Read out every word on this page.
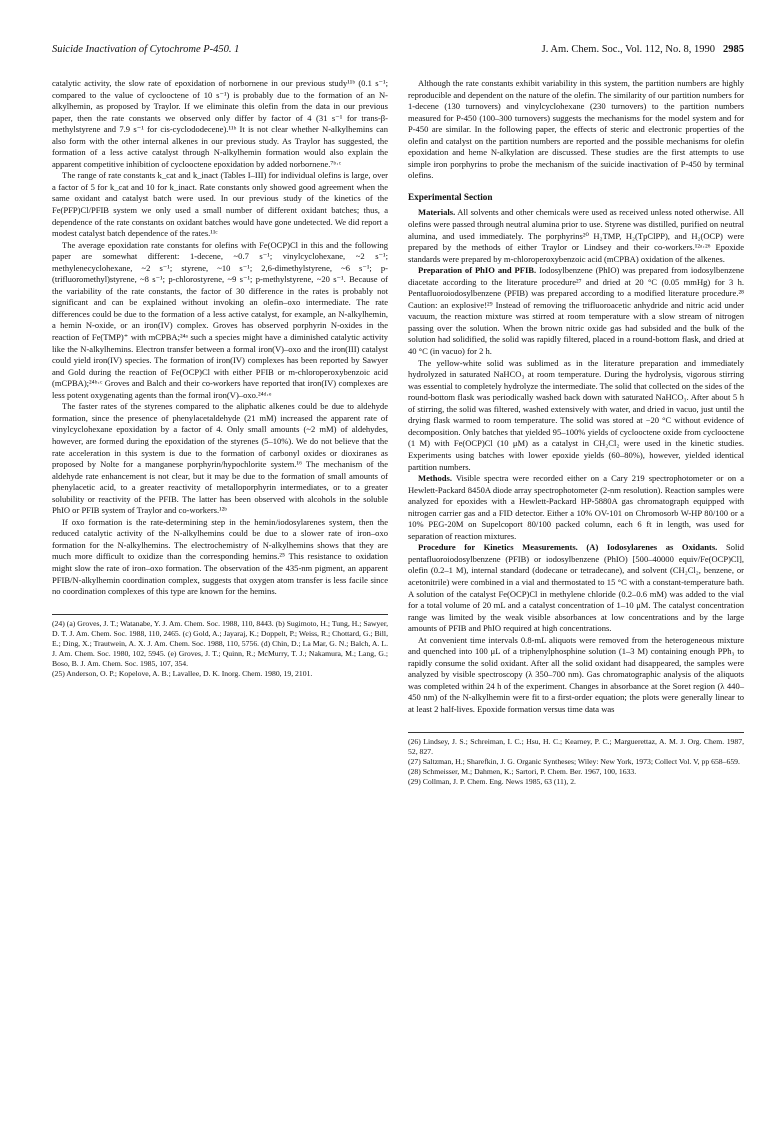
Suicide Inactivation of Cytochrome P-450. 1	J. Am. Chem. Soc., Vol. 112, No. 8, 1990 2985

catalytic activity, the slow rate of epoxidation of norbornene in our previous study¹¹ᵇ (0.1 s⁻¹; compared to the value of cyclooctene of 10 s⁻¹) is probably due to the formation of an N-alkylhemin, as proposed by Traylor. If we eliminate this olefin from the data in our previous paper, then the rate constants we observed only differ by factor of 4 (31 s⁻¹ for trans-β-methylstyrene and 7.9 s⁻¹ for cis-cyclododecene).¹¹ᵇ It is not clear whether N-alkylhemins can also form with the other internal alkenes in our previous study. As Traylor has suggested, the formation of a less active catalyst through N-alkylhemin formation would also explain the apparent competitive inhibition of cyclooctene epoxidation by added norbornene.⁷ᵇ·ᶜ

The range of rate constants k_cat and k_inact (Tables I–III) for individual olefins is large, over a factor of 5 for k_cat and 10 for k_inact. Rate constants only showed good agreement when the same oxidant and catalyst batch were used. In our previous study of the kinetics of the Fe(PFP)Cl/PFIB system we only used a small number of different oxidant batches; thus, a dependence of the rate constants on oxidant batches would have gone undetected. We did report a modest catalyst batch dependence of the rates.¹¹ᶜ

The average epoxidation rate constants for olefins with Fe(OCP)Cl in this and the following paper are somewhat different: 1-decene, ~0.7 s⁻¹; vinylcyclohexane, ~2 s⁻¹; methylenecyclohexane, ~2 s⁻¹; styrene, ~10 s⁻¹; 2,6-dimethylstyrene, ~6 s⁻¹; p-(trifluoromethyl)styrene, ~8 s⁻¹; p-chlorostyrene, ~9 s⁻¹; p-methylstyrene, ~20 s⁻¹. Because of the variability of the rate constants, the factor of 30 difference in the rates is probably not significant and can be explained without invoking an olefin–oxo intermediate. The rate differences could be due to the formation of a less active catalyst, for example, an N-alkylhemin, a hemin N-oxide, or an iron(IV) complex. Groves has observed porphyrin N-oxides in the reaction of Fe(TMP)⁺ with mCPBA;²⁴ᵃ such a species might have a diminished catalytic activity like the N-alkylhemins. Electron transfer between a formal iron(V)–oxo and the iron(III) catalyst could yield iron(IV) species. The formation of iron(IV) complexes has been reported by Sawyer and Gold during the reaction of Fe(OCP)Cl with either PFIB or m-chloroperoxybenzoic acid (mCPBA);²⁴ᵇ·ᶜ Groves and Balch and their co-workers have reported that iron(IV) complexes are less potent oxygenating agents than the formal iron(V)–oxo.²⁴ᵈ·ᵉ

The faster rates of the styrenes compared to the aliphatic alkenes could be due to aldehyde formation, since the presence of phenylacetaldehyde (21 mM) increased the apparent rate of vinylcyclohexane epoxidation by a factor of 4. Only small amounts (~2 mM) of aldehydes, however, are formed during the epoxidation of the styrenes (5–10%). We do not believe that the rate acceleration in this system is due to the formation of carbonyl oxides or dioxiranes as proposed by Nolte for a manganese porphyrin/hypochlorite system.¹⁶ The mechanism of the aldehyde rate enhancement is not clear, but it may be due to the formation of small amounts of phenylacetic acid, to a greater reactivity of metalloporphyrin intermediates, or to a greater solubility or reactivity of the PFIB. The latter has been observed with alcohols in the soluble PhIO or PFIB system of Traylor and co-workers.¹²ᵇ

If oxo formation is the rate-determining step in the hemin/iodosylarenes system, then the reduced catalytic activity of the N-alkylhemins could be due to a slower rate of iron–oxo formation for the N-alkylhemins. The electrochemistry of N-alkylhemins shows that they are much more difficult to oxidize than the corresponding hemins.²⁵ This resistance to oxidation might slow the rate of iron–oxo formation. The observation of the 435-nm pigment, an apparent PFIB/N-alkylhemin coordination complex, suggests that oxygen atom transfer is less facile since no coordination complexes of this type are known for the hemins.

(24) (a) Groves, J. T.; Watanabe, Y. J. Am. Chem. Soc. 1988, 110, 8443. (b) Sugimoto, H.; Tung, H.; Sawyer, D. T. J. Am. Chem. Soc. 1988, 110, 2465. (c) Gold, A.; Jayaraj, K.; Doppelt, P.; Weiss, R.; Chottard, G.; Bill, E.; Ding, X.; Trautwein, A. X. J. Am. Chem. Soc. 1988, 110, 5756. (d) Chin, D.; La Mar, G. N.; Balch, A. L. J. Am. Chem. Soc. 1980, 102, 5945. (e) Groves, J. T.; Quinn, R.; McMurry, T. J.; Nakamura, M.; Lang, G.; Boso, B. J. Am. Chem. Soc. 1985, 107, 354.

(25) Anderson, O. P.; Kopelove, A. B.; Lavallee, D. K. Inorg. Chem. 1980, 19, 2101.

Although the rate constants exhibit variability in this system, the partition numbers are highly reproducible and dependent on the nature of the olefin. The similarity of our partition numbers for 1-decene (130 turnovers) and vinylcyclohexane (230 turnovers) to the partition numbers measured for P-450 (100–300 turnovers) suggests the mechanisms for the model system and for P-450 are similar. In the following paper, the effects of steric and electronic properties of the olefin and catalyst on the partition numbers are reported and the possible mechanisms for olefin epoxidation and heme N-alkylation are discussed. These studies are the first attempts to use simple iron porphyrins to probe the mechanism of the suicide inactivation of P-450 by terminal olefins.

Experimental Section

Materials. All solvents and other chemicals were used as received unless noted otherwise. All olefins were passed through neutral alumina prior to use. Styrene was distilled, purified on neutral alumina, and used immediately. The porphyrins²⁰ H₂TMP, H₂(TpClPP), and H₂(OCP) were prepared by the methods of either Traylor or Lindsey and their co-workers.¹²ᵃ·²⁶ Epoxide standards were prepared by m-chloroperoxybenzoic acid (mCPBA) oxidation of the alkenes.

Preparation of PhIO and PFIB. Iodosylbenzene (PhIO) was prepared from iodosylbenzene diacetate according to the literature procedure²⁷ and dried at 20 °C (0.05 mmHg) for 3 h. Pentafluoroiodosylbenzene (PFIB) was prepared according to a modified literature procedure.²⁸ Caution: an explosive!²⁹ Instead of removing the trifluoroacetic anhydride and nitric acid under vacuum, the reaction mixture was stirred at room temperature with a slow stream of nitrogen passing over the solution. When the brown nitric oxide gas had subsided and the bulk of the solution had solidified, the solid was rapidly filtered, placed in a round-bottom flask, and dried at 40 °C (in vacuo) for 2 h.

The yellow-white solid was sublimed as in the literature preparation and immediately hydrolyzed in saturated NaHCO₃ at room temperature. During the hydrolysis, vigorous stirring was essential to completely hydrolyze the intermediate. The solid that collected on the sides of the round-bottom flask was periodically washed back down with saturated NaHCO₃. After about 5 h of stirring, the solid was filtered, washed extensively with water, and dried in vacuo, just until the drying flask warmed to room temperature. The solid was stored at −20 °C without evidence of decomposition. Only batches that yielded 95–100% yields of cyclooctene oxide from cyclooctene (1 M) with Fe(OCP)Cl (10 μM) as a catalyst in CH₂Cl₂ were used in the kinetic studies. Experiments using batches with lower epoxide yields (60–80%), however, yielded identical partition numbers.

Methods. Visible spectra were recorded either on a Cary 219 spectrophotometer or on a Hewlett-Packard 8450A diode array spectrophotometer (2-nm resolution). Reaction samples were analyzed for epoxides with a Hewlett-Packard HP-5880A gas chromatograph equipped with nitrogen carrier gas and a FID detector. Either a 10% OV-101 on Chromosorb W-HP 80/100 or a 10% PEG-20M on Supelcoport 80/100 packed column, each 6 ft in length, was used for separation of reaction mixtures.

Procedure for Kinetics Measurements. (A) Iodosylarenes as Oxidants. Solid pentafluoroiodosylbenzene (PFIB) or iodosylbenzene (PhIO) [500–40000 equiv/Fe(OCP)Cl], olefin (0.2–1 M), internal standard (dodecane or tetradecane), and solvent (CH₂Cl₂, benzene, or acetonitrile) were combined in a vial and thermostated to 15 °C with a constant-temperature bath. A solution of the catalyst Fe(OCP)Cl in methylene chloride (0.2–0.6 mM) was added to the vial for a total volume of 20 mL and a catalyst concentration of 1–10 μM. The catalyst concentration range was limited by the weak visible absorbances at low concentrations and by the large amounts of PFIB and PhIO required at high concentrations.

At convenient time intervals 0.8-mL aliquots were removed from the heterogeneous mixture and quenched into 100 μL of a triphenylphosphine solution (1–3 M) containing enough PPh₃ to rapidly consume the solid oxidant. After all the solid oxidant had disappeared, the samples were analyzed by visible spectroscopy (λ 350–700 nm). Gas chromatographic analysis of the aliquots was completed within 24 h of the experiment. Changes in absorbance at the Soret region (λ 440–450 nm) of the N-alkylhemin were fit to a first-order equation; the plots were generally linear to at least 2 half-lives. Epoxide formation versus time data was

(26) Lindsey, J. S.; Schreiman, I. C.; Hsu, H. C.; Kearney, P. C.; Marguerettaz, A. M. J. Org. Chem. 1987, 52, 827.

(27) Saltzman, H.; Sharefkin, J. G. Organic Syntheses; Wiley: New York, 1973; Collect Vol. V, pp 658–659.

(28) Schmeisser, M.; Dahmen, K.; Sartori, P. Chem. Ber. 1967, 100, 1633.

(29) Collman, J. P. Chem. Eng. News 1985, 63 (11), 2.
